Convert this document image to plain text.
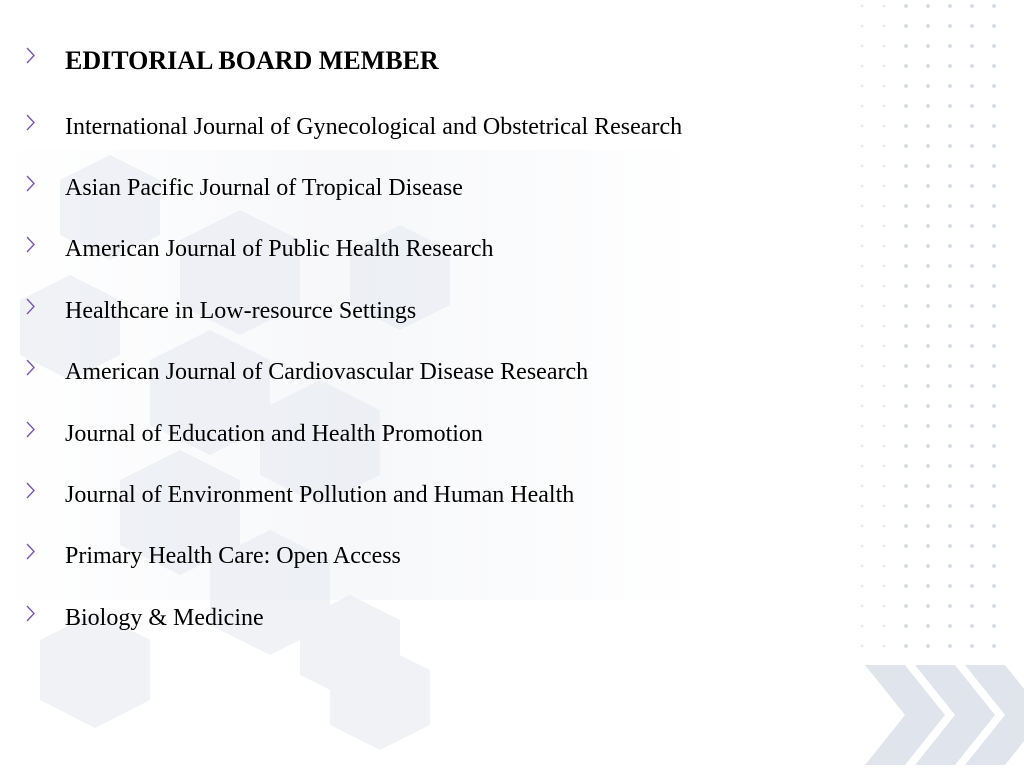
EDITORIAL BOARD MEMBER
International Journal of Gynecological and Obstetrical Research
Asian Pacific Journal of Tropical Disease
American Journal of Public Health Research
Healthcare in Low-resource Settings
American Journal of Cardiovascular Disease Research
Journal of Education and Health Promotion
Journal of Environment Pollution and Human Health
Primary Health Care: Open Access
Biology & Medicine
